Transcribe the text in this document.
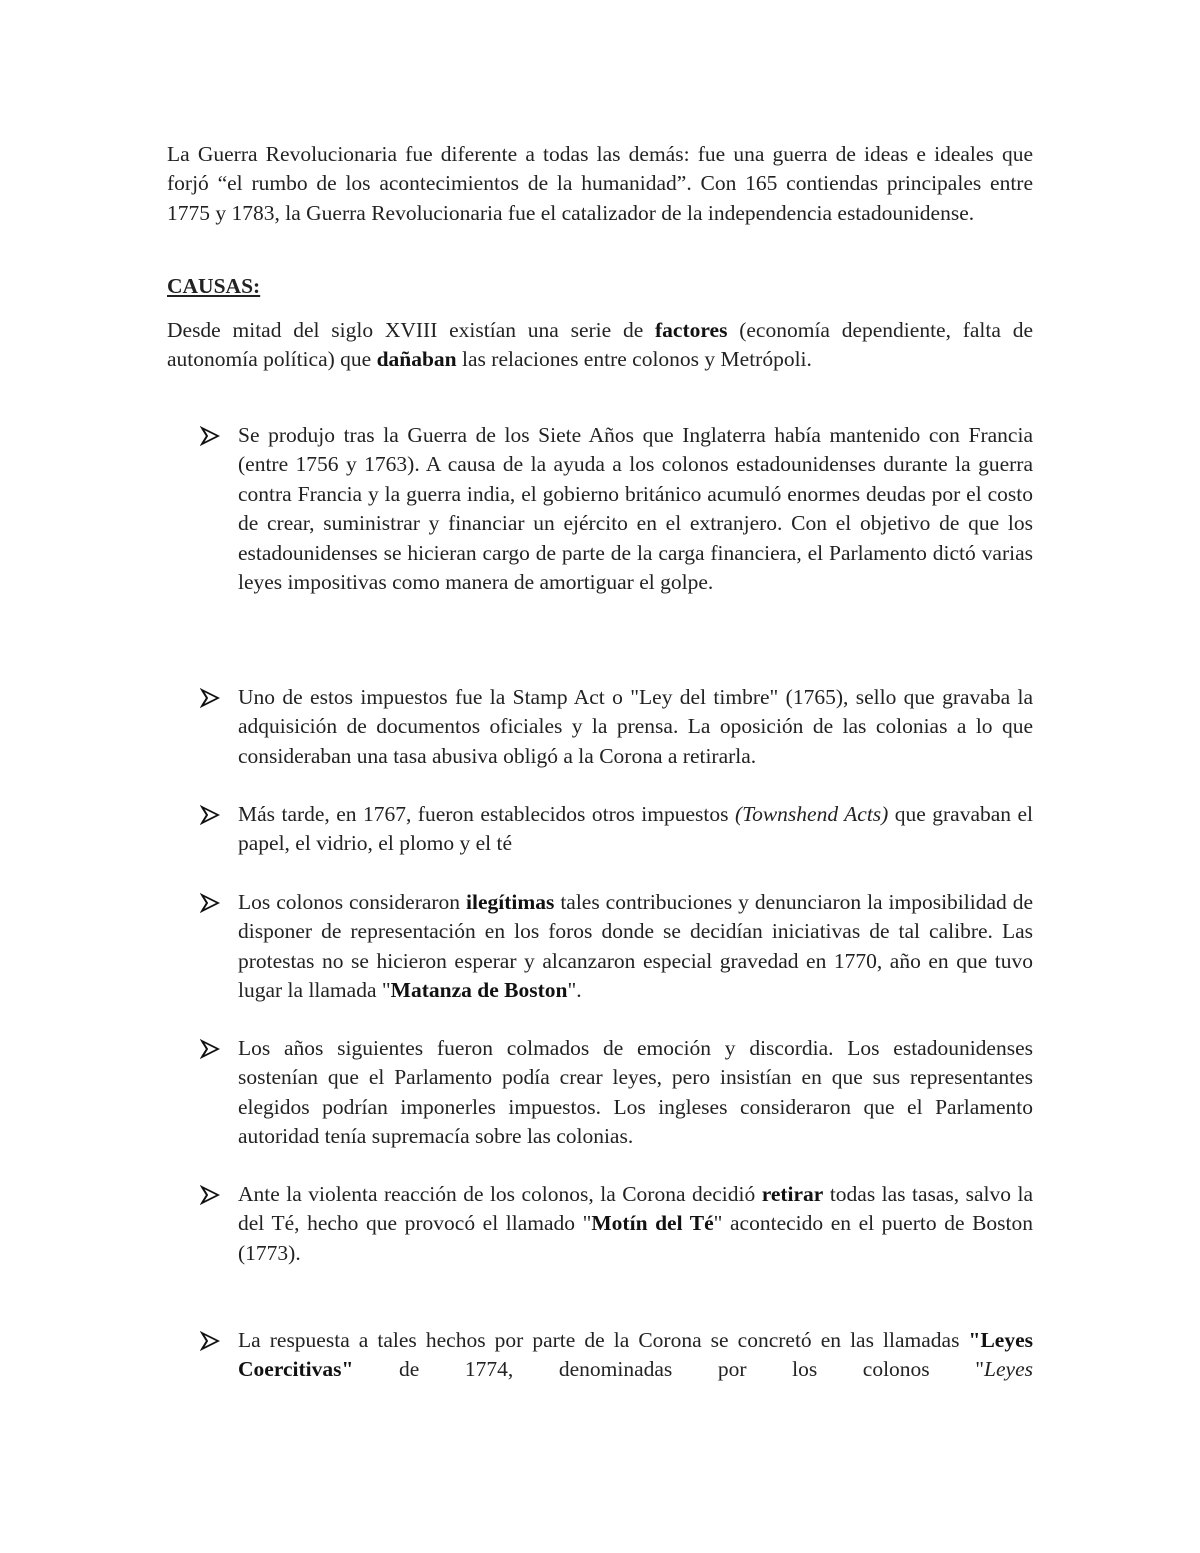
La Guerra Revolucionaria fue diferente a todas las demás: fue una guerra de ideas e ideales que forjó “el rumbo de los acontecimientos de la humanidad”. Con 165 contiendas principales entre 1775 y 1783, la Guerra Revolucionaria fue el catalizador de la independencia estadounidense.

CAUSAS:

Desde mitad del siglo XVIII existían una serie de factores (economía dependiente, falta de autonomía política) que dañaban las relaciones entre colonos y Metrópoli.

Se produjo tras la Guerra de los Siete Años que Inglaterra había mantenido con Francia (entre 1756 y 1763). A causa de la ayuda a los colonos estadounidenses durante la guerra contra Francia y la guerra india, el gobierno británico acumuló enormes deudas por el costo de crear, suministrar y financiar un ejército en el extranjero. Con el objetivo de que los estadounidenses se hicieran cargo de parte de la carga financiera, el Parlamento dictó varias leyes impositivas como manera de amortiguar el golpe.

Uno de estos impuestos fue la Stamp Act o "Ley del timbre" (1765), sello que gravaba la adquisición de documentos oficiales y la prensa. La oposición de las colonias a lo que consideraban una tasa abusiva obligó a la Corona a retirarla.

Más tarde, en 1767, fueron establecidos otros impuestos (Townshend Acts) que gravaban el papel, el vidrio, el plomo y el té

Los colonos consideraron ilegítimas tales contribuciones y denunciaron la imposibilidad de disponer de representación en los foros donde se decidían iniciativas de tal calibre. Las protestas no se hicieron esperar y alcanzaron especial gravedad en 1770, año en que tuvo lugar la llamada "Matanza de Boston".

Los años siguientes fueron colmados de emoción y discordia. Los estadounidenses sostenían que el Parlamento podía crear leyes, pero insistían en que sus representantes elegidos podrían imponerles impuestos. Los ingleses consideraron que el Parlamento autoridad tenía supremacía sobre las colonias.

Ante la violenta reacción de los colonos, la Corona decidió retirar todas las tasas, salvo la del Té, hecho que provocó el llamado "Motín del Té" acontecido en el puerto de Boston (1773).

La respuesta a tales hechos por parte de la Corona se concretó en las llamadas "Leyes Coercitivas" de 1774, denominadas por los colonos "Leyes
